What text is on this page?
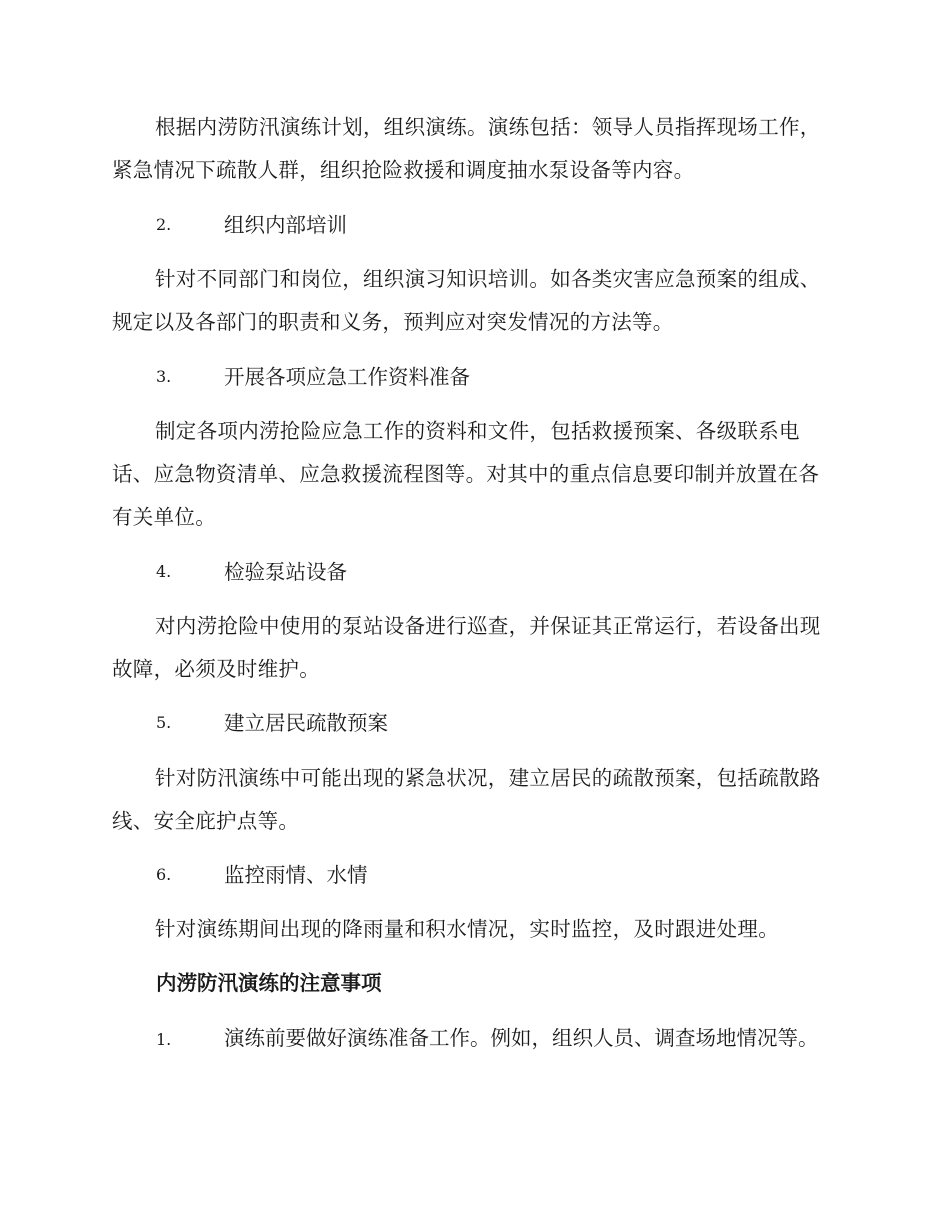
根据内涝防汛演练计划，组织演练。演练包括：领导人员指挥现场工作，紧急情况下疏散人群，组织抢险救援和调度抽水泵设备等内容。

2.	组织内部培训

针对不同部门和岗位，组织演习知识培训。如各类灾害应急预案的组成、规定以及各部门的职责和义务，预判应对突发情况的方法等。

3.	开展各项应急工作资料准备

制定各项内涝抢险应急工作的资料和文件，包括救援预案、各级联系电话、应急物资清单、应急救援流程图等。对其中的重点信息要印制并放置在各有关单位。

4.	检验泵站设备

对内涝抢险中使用的泵站设备进行巡查，并保证其正常运行，若设备出现故障，必须及时维护。

5.	建立居民疏散预案

针对防汛演练中可能出现的紧急状况，建立居民的疏散预案，包括疏散路线、安全庇护点等。

6.	监控雨情、水情

针对演练期间出现的降雨量和积水情况，实时监控，及时跟进处理。

内涝防汛演练的注意事项

1.	演练前要做好演练准备工作。例如，组织人员、调查场地情况等。
